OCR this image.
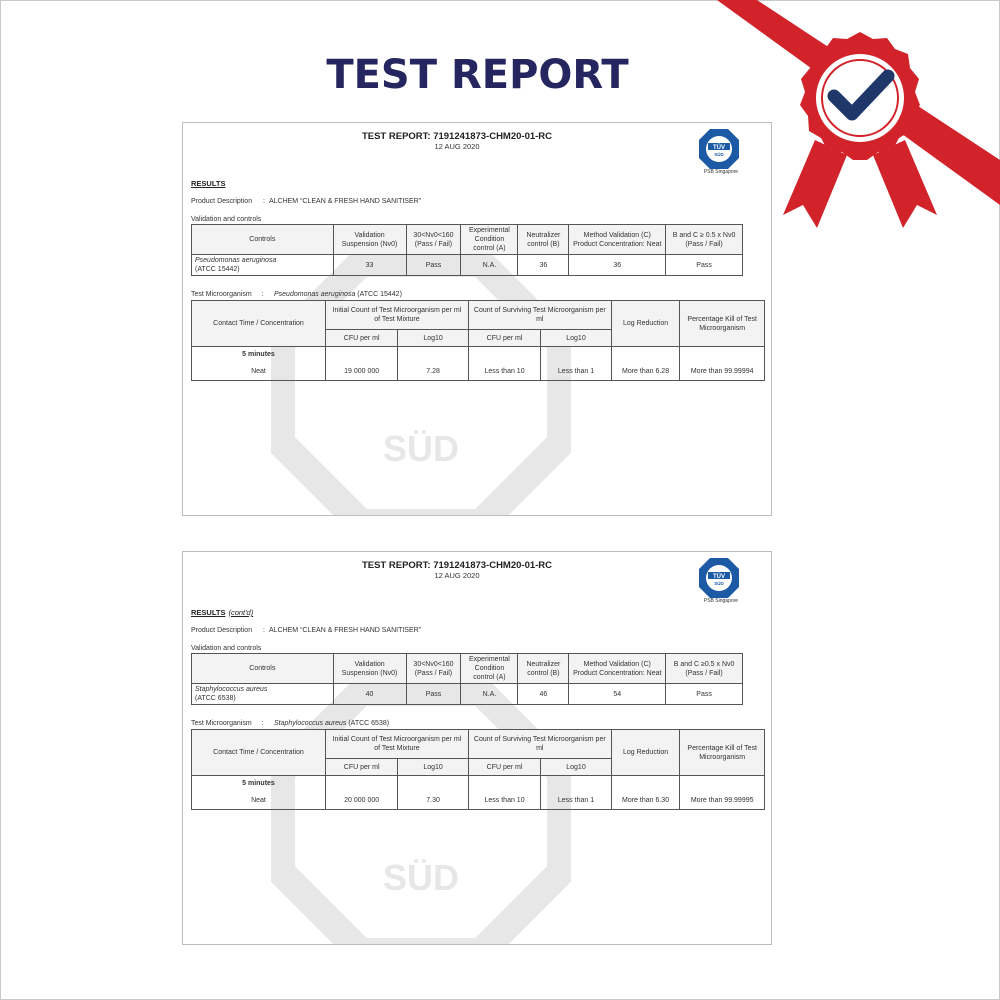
TEST REPORT
SÜD
TEST REPORT: 7191241873-CHM20-01-RC
12 AUG 2020	TÜV
SÜD
PSB Singapore
RESULTS
Product Description : ALCHEM “CLEAN & FRESH HAND SANITISER”
Validation and controls
Controls	Validation Suspension (Nv0)	30<Nv0<160 (Pass / Fail)	Experimental Condition control (A)	Neutralizer control (B)	Method Validation (C) Product Concentration: Neat	B and C ≥ 0.5 x Nv0 (Pass / Fail)
Pseudomonas aeruginosa
(ATCC 15442)	33	Pass	N.A.	36	36	Pass
Test Microorganism     : Pseudomonas aeruginosa (ATCC 15442)
Contact Time / Concentration	Initial Count of Test Microorganism per ml of Test Mixture		Count of Surviving Test Microorganism per ml		Log Reduction	Percentage Kill of Test Microorganism
	CFU per ml	Log10	CFU per ml	Log10		
5 minutes						
Neat	19 000 000	7.28	Less than 10	Less than 1	More than 6.28	More than 99.99994
SÜD
TEST REPORT: 7191241873-CHM20-01-RC
12 AUG 2020	TÜV
SÜD
PSB Singapore
RESULTS (cont'd)
Product Description : ALCHEM “CLEAN & FRESH HAND SANITISER”
Validation and controls
Controls	Validation Suspension (Nv0)	30<Nv0<160 (Pass / Fail)	Experimental Condition control (A)	Neutralizer control (B)	Method Validation (C) Product Concentration: Neat	B and C ≥0.5 x Nv0 (Pass / Fail)
Staphylococcus aureus
(ATCC 6538)	40	Pass	N.A.	46	54	Pass
Test Microorganism     : Staphylococcus aureus (ATCC 6538)
Contact Time / Concentration	Initial Count of Test Microorganism per ml of Test Mixture		Count of Surviving Test Microorganism per ml		Log Reduction	Percentage Kill of Test Microorganism
	CFU per ml	Log10	CFU per ml	Log10		
5 minutes						
Neat	20 000 000	7.30	Less than 10	Less than 1	More than 6.30	More than 99.99995
